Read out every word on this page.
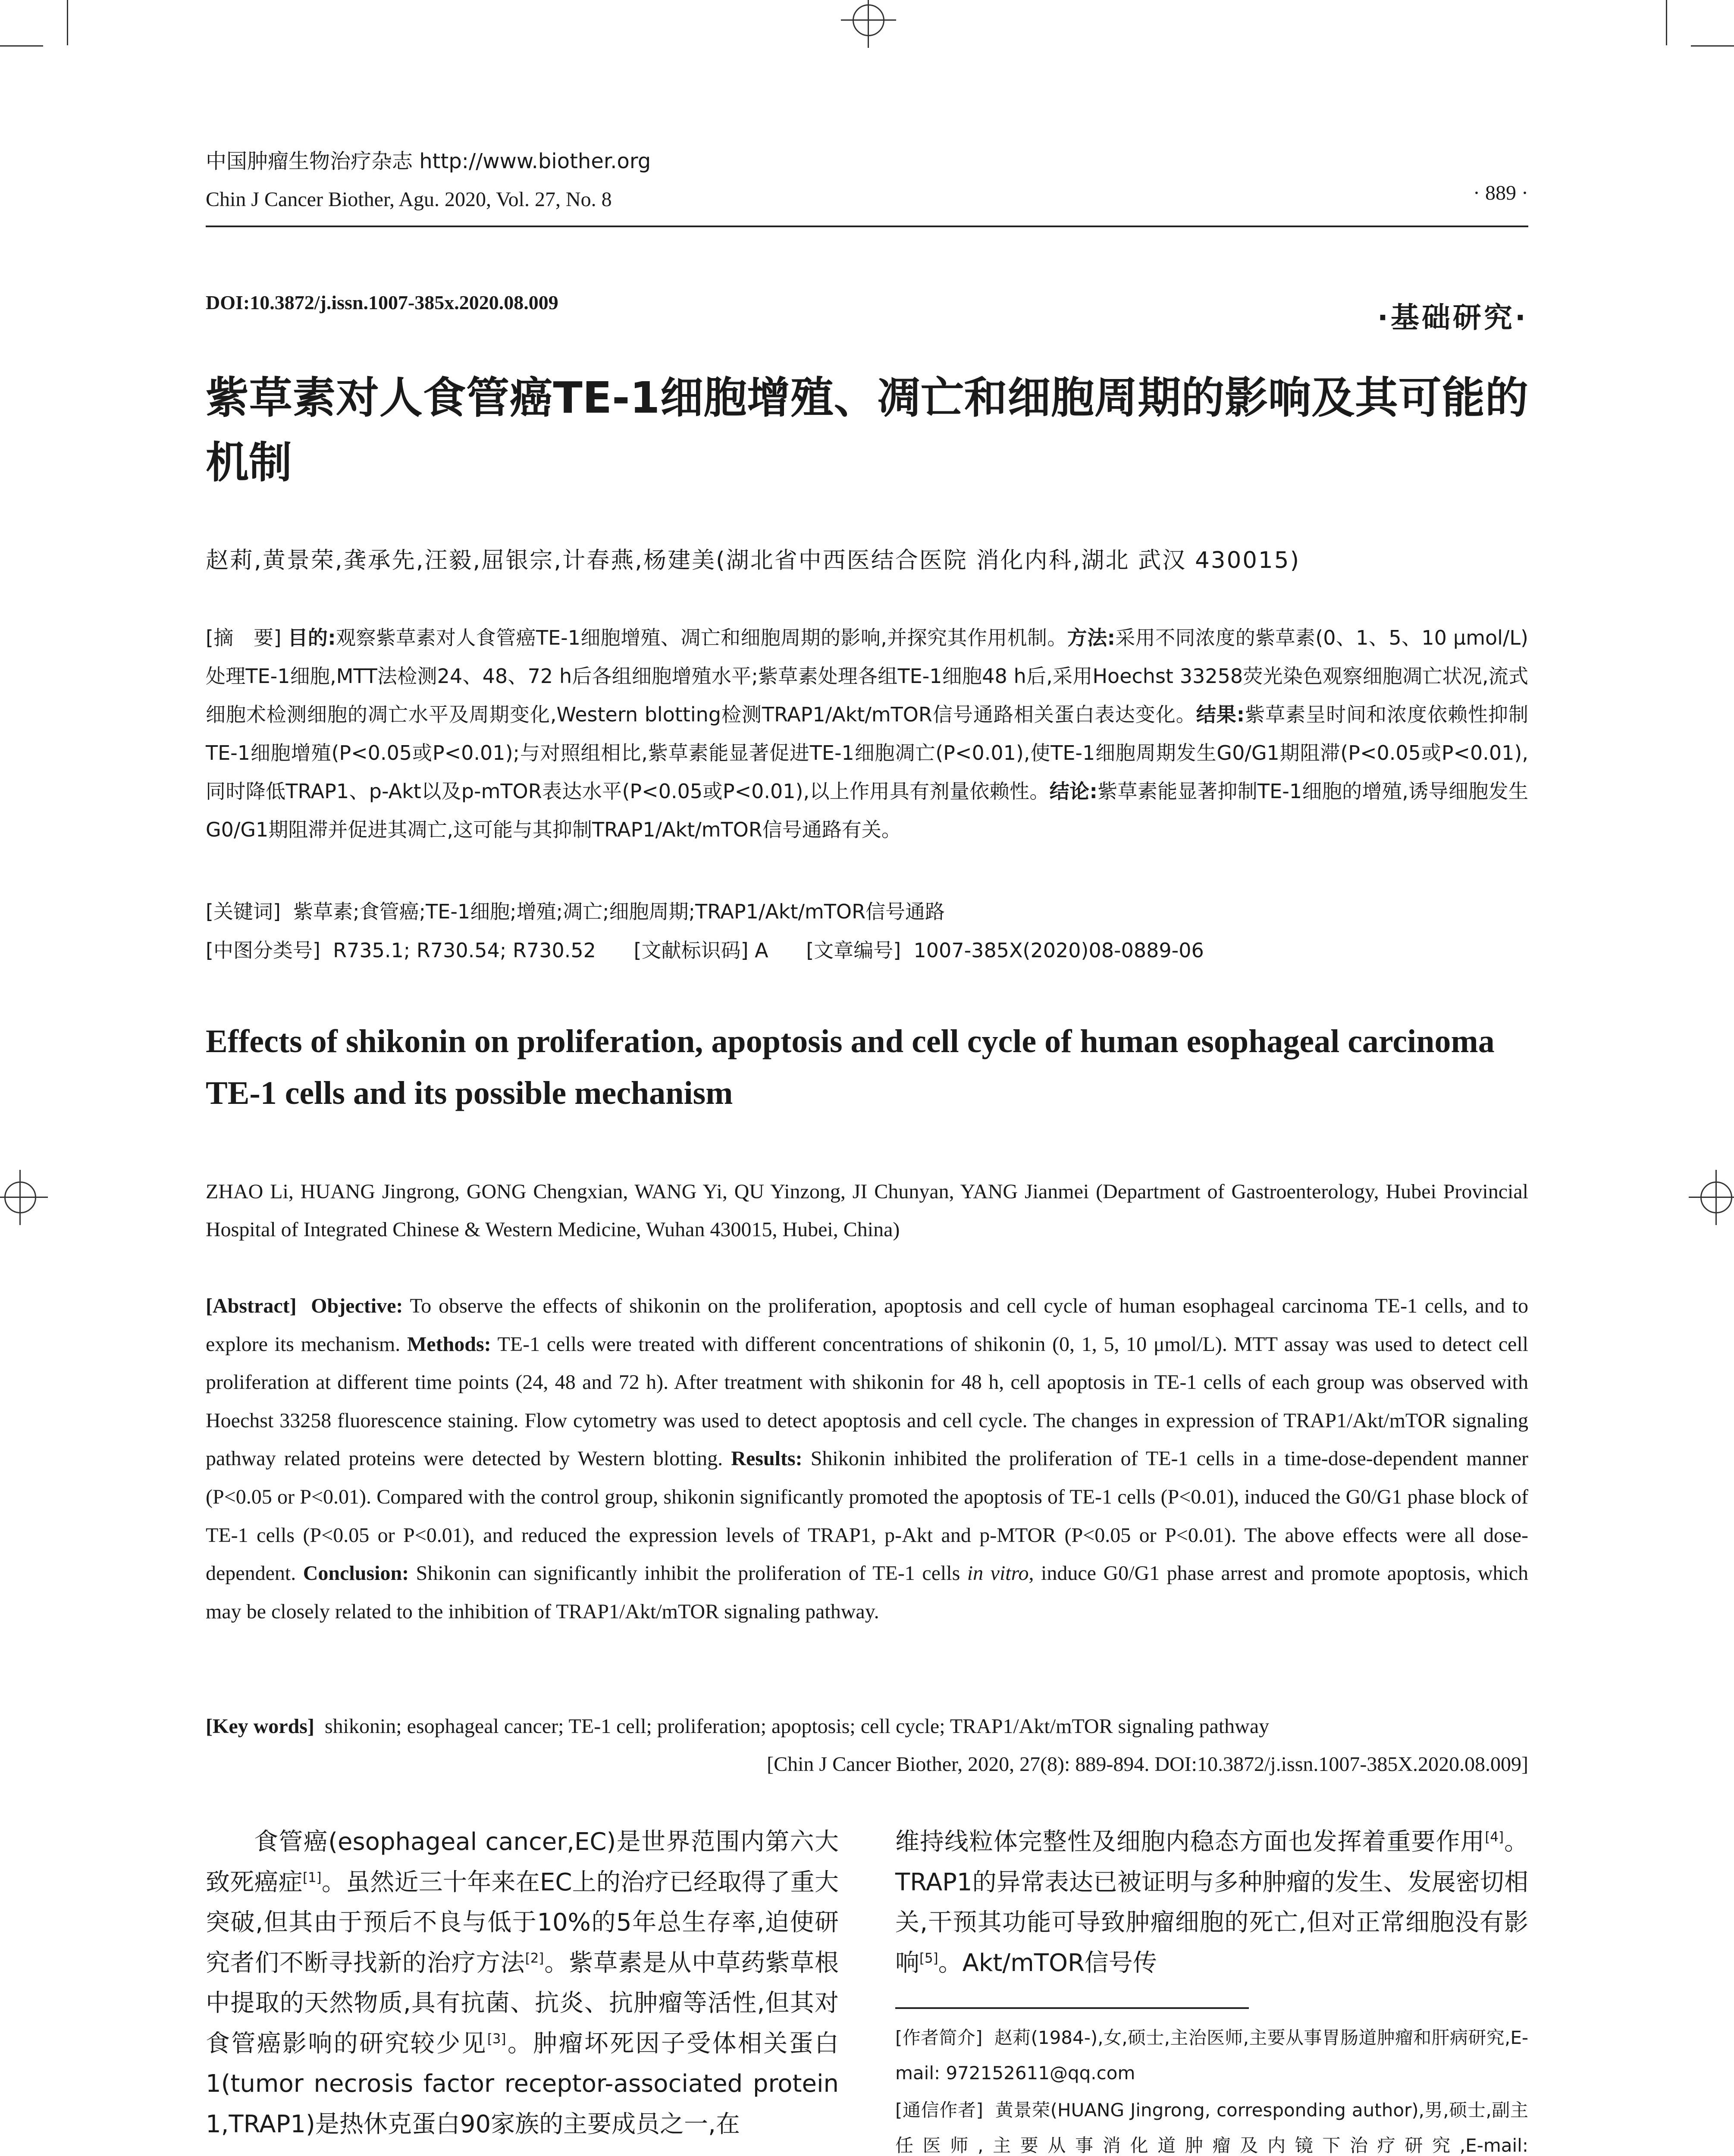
中国肿瘤生物治疗杂志 http://www.biother.org
Chin J Cancer Biother, Agu. 2020, Vol. 27, No. 8	· 889 ·
DOI:10.3872/j.issn.1007-385x.2020.08.009	·基础研究·
紫草素对人食管癌TE-1细胞增殖、凋亡和细胞周期的影响及其可能的机制
赵莉,黄景荣,龚承先,汪毅,屈银宗,计春燕,杨建美(湖北省中西医结合医院 消化内科,湖北 武汉 430015)
[摘　要] 目的:观察紫草素对人食管癌TE-1细胞增殖、凋亡和细胞周期的影响,并探究其作用机制。方法:采用不同浓度的紫草素(0、1、5、10 μmol/L)处理TE-1细胞,MTT法检测24、48、72 h后各组细胞增殖水平;紫草素处理各组TE-1细胞48 h后,采用Hoechst 33258荧光染色观察细胞凋亡状况,流式细胞术检测细胞的凋亡水平及周期变化,Western blotting检测TRAP1/Akt/mTOR信号通路相关蛋白表达变化。结果:紫草素呈时间和浓度依赖性抑制TE-1细胞增殖(P<0.05或P<0.01);与对照组相比,紫草素能显著促进TE-1细胞凋亡(P<0.01),使TE-1细胞周期发生G0/G1期阻滞(P<0.05或P<0.01),同时降低TRAP1、p-Akt以及p-mTOR表达水平(P<0.05或P<0.01),以上作用具有剂量依赖性。结论:紫草素能显著抑制TE-1细胞的增殖,诱导细胞发生G0/G1期阻滞并促进其凋亡,这可能与其抑制TRAP1/Akt/mTOR信号通路有关。
[关键词] 紫草素;食管癌;TE-1细胞;增殖;凋亡;细胞周期;TRAP1/Akt/mTOR信号通路
[中图分类号] R735.1; R730.54; R730.52 [文献标识码] A [文章编号] 1007-385X(2020)08-0889-06
Effects of shikonin on proliferation, apoptosis and cell cycle of human esophageal carcinoma TE-1 cells and its possible mechanism
ZHAO Li, HUANG Jingrong, GONG Chengxian, WANG Yi, QU Yinzong, JI Chunyan, YANG Jianmei (Department of Gastroenterology, Hubei Provincial Hospital of Integrated Chinese & Western Medicine, Wuhan 430015, Hubei, China)
[Abstract] Objective: To observe the effects of shikonin on the proliferation, apoptosis and cell cycle of human esophageal carcinoma TE-1 cells, and to explore its mechanism. Methods: TE-1 cells were treated with different concentrations of shikonin (0, 1, 5, 10 μmol/L). MTT assay was used to detect cell proliferation at different time points (24, 48 and 72 h). After treatment with shikonin for 48 h, cell apoptosis in TE-1 cells of each group was observed with Hoechst 33258 fluorescence staining. Flow cytometry was used to detect apoptosis and cell cycle. The changes in expression of TRAP1/Akt/mTOR signaling pathway related proteins were detected by Western blotting. Results: Shikonin inhibited the proliferation of TE-1 cells in a time-dose-dependent manner (P<0.05 or P<0.01). Compared with the control group, shikonin significantly promoted the apoptosis of TE-1 cells (P<0.01), induced the G0/G1 phase block of TE-1 cells (P<0.05 or P<0.01), and reduced the expression levels of TRAP1, p-Akt and p-MTOR (P<0.05 or P<0.01). The above effects were all dose-dependent. Conclusion: Shikonin can significantly inhibit the proliferation of TE-1 cells in vitro, induce G0/G1 phase arrest and promote apoptosis, which may be closely related to the inhibition of TRAP1/Akt/mTOR signaling pathway.
[Key words] shikonin; esophageal cancer; TE-1 cell; proliferation; apoptosis; cell cycle; TRAP1/Akt/mTOR signaling pathway
[Chin J Cancer Biother, 2020, 27(8): 889-894. DOI:10.3872/j.issn.1007-385X.2020.08.009]
食管癌(esophageal cancer,EC)是世界范围内第六大致死癌症[1]。虽然近三十年来在EC上的治疗已经取得了重大突破,但其由于预后不良与低于10%的5年总生存率,迫使研究者们不断寻找新的治疗方法[2]。紫草素是从中草药紫草根中提取的天然物质,具有抗菌、抗炎、抗肿瘤等活性,但其对食管癌影响的研究较少见[3]。肿瘤坏死因子受体相关蛋白1(tumor necrosis factor receptor-associated protein 1,TRAP1)是热休克蛋白90家族的主要成员之一,在
维持线粒体完整性及细胞内稳态方面也发挥着重要作用[4]。TRAP1的异常表达已被证明与多种肿瘤的发生、发展密切相关,干预其功能可导致肿瘤细胞的死亡,但对正常细胞没有影响[5]。Akt/mTOR信号传
[作者简介] 赵莉(1984-),女,硕士,主治医师,主要从事胃肠道肿瘤和肝病研究,E-mail: 972152611@qq.com
[通信作者] 黄景荣(HUANG Jingrong, corresponding author),男,硕士,副主任医师,主要从事消化道肿瘤及内镜下治疗研究,E-mail:
